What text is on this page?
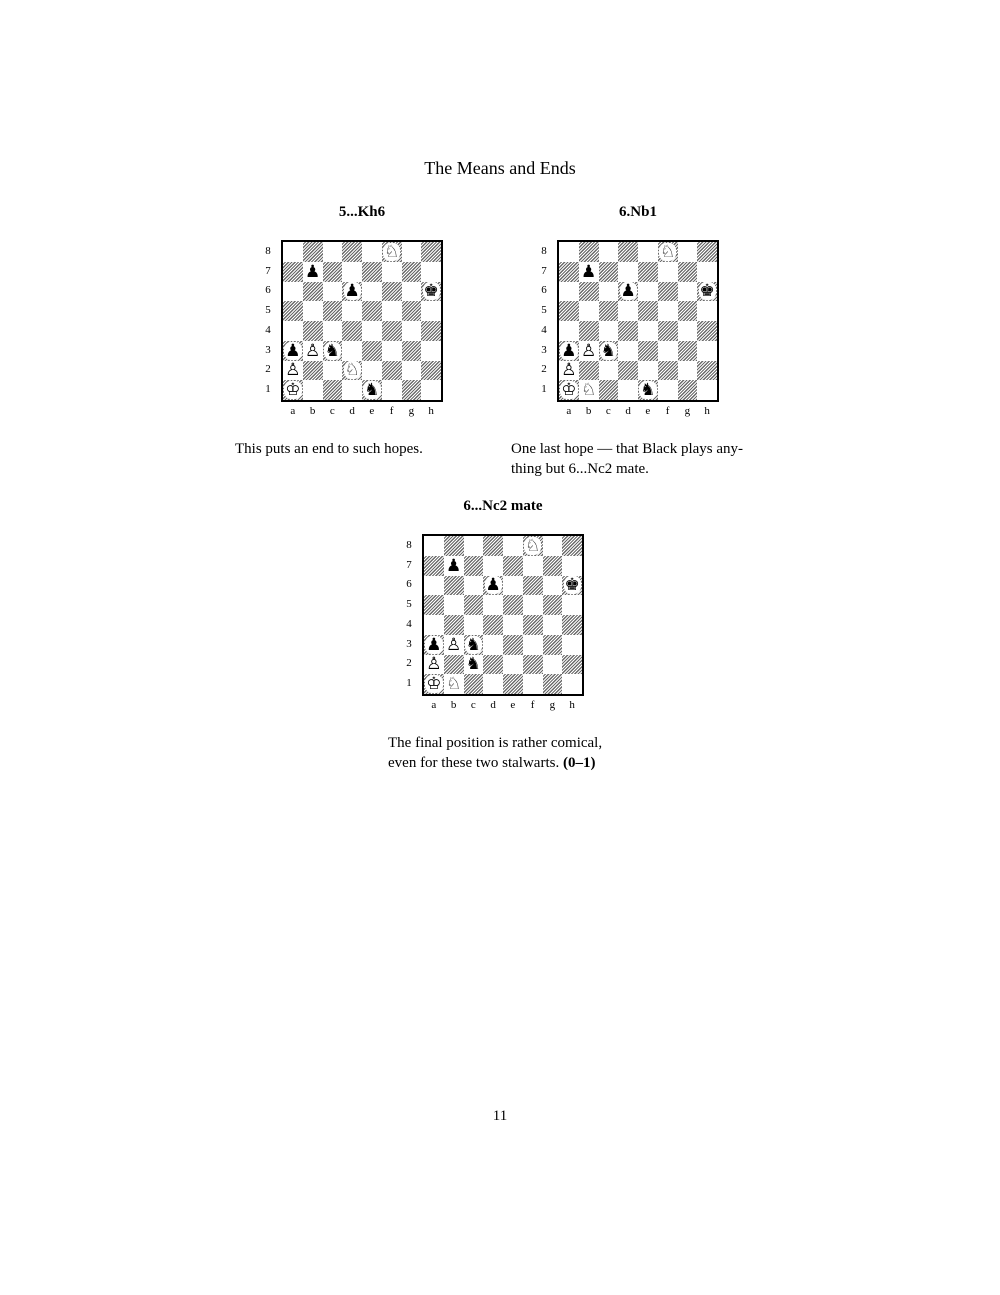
The Means and Ends
5...Kh6
8
7
6
5
4
3
2
1
♘
♟
♟	♚
♟ ♙ ♞
♙	♘
♔	♞
a	b	c	d	e	f	g	h
6.Nb1
8
7
6
5
4
3
2
1
♘
♟
♟	♚
♟ ♙ ♞
♙
♔ ♘	♞
a	b	c	d	e	f	g	h
This puts an end to such hopes.	One last hope — that Black plays any-
thing but 6...Nc2 mate.
6...Nc2 mate
8
7
6
5
4
3
2
1
♘
♟
♟	♚
♟ ♙ ♞
♙ ♞
♔ ♘
a	b	c	d	e	f	g	h
The final position is rather comical,
even for these two stalwarts. (0–1)
11
